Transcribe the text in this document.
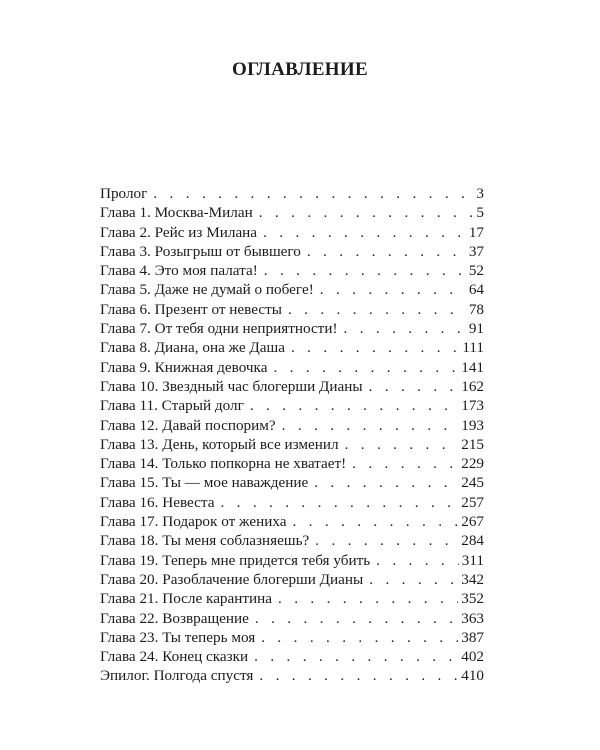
ОГЛАВЛЕНИЕ
Пролог . . .	3
Глава 1. Москва-Милан . . .	5
Глава 2. Рейс из Милана . . .	17
Глава 3. Розыгрыш от бывшего . . .	37
Глава 4. Это моя палата! . . .	52
Глава 5. Даже не думай о побеге! . . .	64
Глава 6. Презент от невесты . . .	78
Глава 7. От тебя одни неприятности! . . .	91
Глава 8. Диана, она же Даша . . .	111
Глава 9. Книжная девочка . . .	141
Глава 10. Звездный час блогерши Дианы . . .	162
Глава 11. Старый долг . . .	173
Глава 12. Давай поспорим? . . .	193
Глава 13. День, который все изменил . . .	215
Глава 14. Только попкорна не хватает! . . .	229
Глава 15. Ты — мое наваждение . . .	245
Глава 16. Невеста . . .	257
Глава 17. Подарок от жениха . . .	267
Глава 18. Ты меня соблазняешь? . . .	284
Глава 19. Теперь мне придется тебя убить . . .	311
Глава 20. Разоблачение блогерши Дианы . . .	342
Глава 21. После карантина . . .	352
Глава 22. Возвращение . . .	363
Глава 23. Ты теперь моя . . .	387
Глава 24. Конец сказки . . .	402
Эпилог. Полгода спустя . . .	410
